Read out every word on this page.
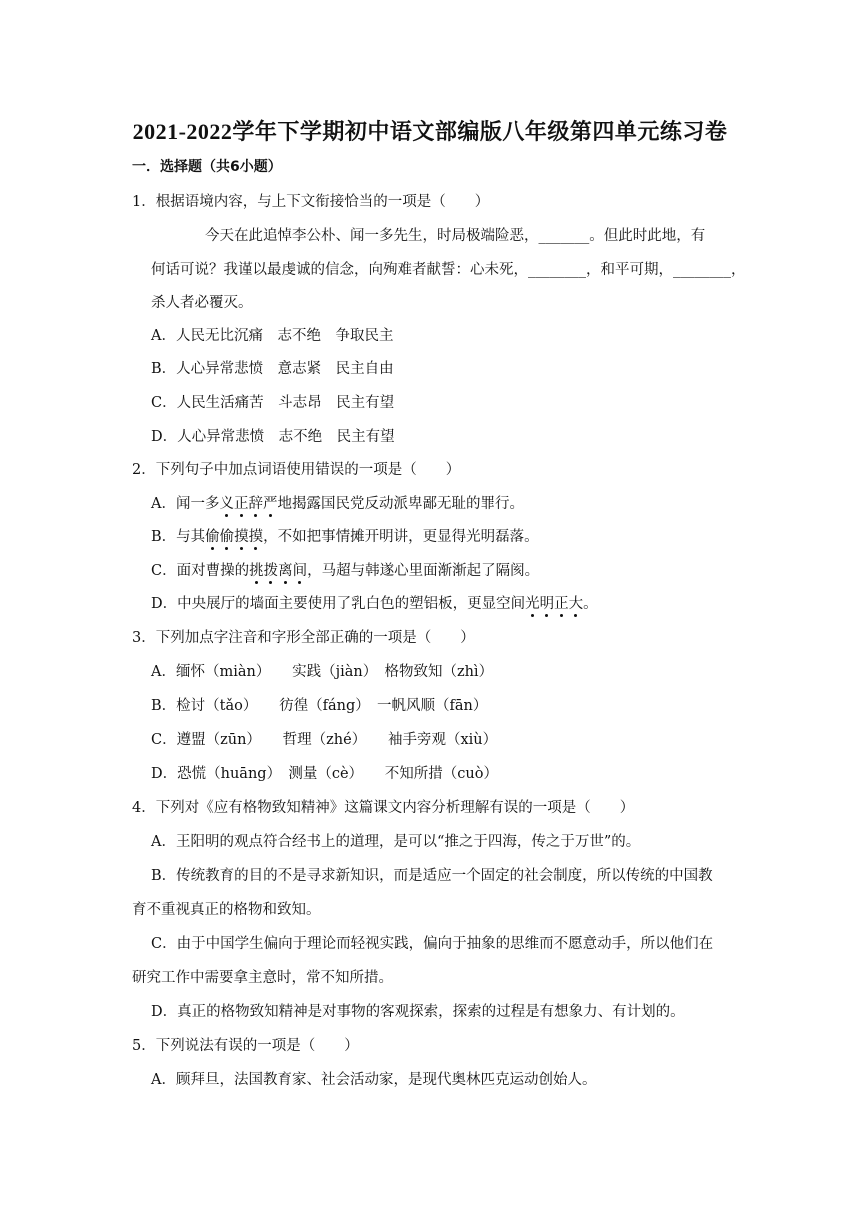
2021-2022学年下学期初中语文部编版八年级第四单元练习卷
一．选择题（共6小题）
1．根据语境内容，与上下文衔接恰当的一项是（　　）
今天在此追悼李公朴、闻一多先生，时局极端险恶，_______。但此时此地，有
何话可说？我谨以最虔诚的信念，向殉难者献誓：心未死，________，和平可期，________，
杀人者必覆灭。
A．人民无比沉痛　志不绝　争取民主
B．人心异常悲愤　意志紧　民主自由
C．人民生活痛苦　斗志昂　民主有望
D．人心异常悲愤　志不绝　民主有望
2．下列句子中加点词语使用错误的一项是（　　）
A．闻一多义正辞严地揭露国民党反动派卑鄙无耻的罪行。
B．与其偷偷摸摸，不如把事情摊开明讲，更显得光明磊落。
C．面对曹操的挑拨离间，马超与韩遂心里面渐渐起了隔阂。
D．中央展厅的墙面主要使用了乳白色的塑铝板，更显空间光明正大。
3．下列加点字注音和字形全部正确的一项是（　　）
A．缅怀（miàn）　　实践（jiàn）　格物致知（zhì）
B．检讨（tǎo）　　彷徨（fáng）　一帆风顺（fān）
C．遵盟（zūn）　　哲理（zhé）　　袖手旁观（xiù）
D．恐慌（huāng）　测量（cè）　　不知所措（cuò）
4．下列对《应有格物致知精神》这篇课文内容分析理解有误的一项是（　　）
A．王阳明的观点符合经书上的道理，是可以“推之于四海，传之于万世”的。
B．传统教育的目的不是寻求新知识，而是适应一个固定的社会制度，所以传统的中国教
育不重视真正的格物和致知。
C．由于中国学生偏向于理论而轻视实践，偏向于抽象的思维而不愿意动手，所以他们在
研究工作中需要拿主意时，常不知所措。
D．真正的格物致知精神是对事物的客观探索，探索的过程是有想象力、有计划的。
5．下列说法有误的一项是（　　）
A．顾拜旦，法国教育家、社会活动家，是现代奥林匹克运动创始人。
